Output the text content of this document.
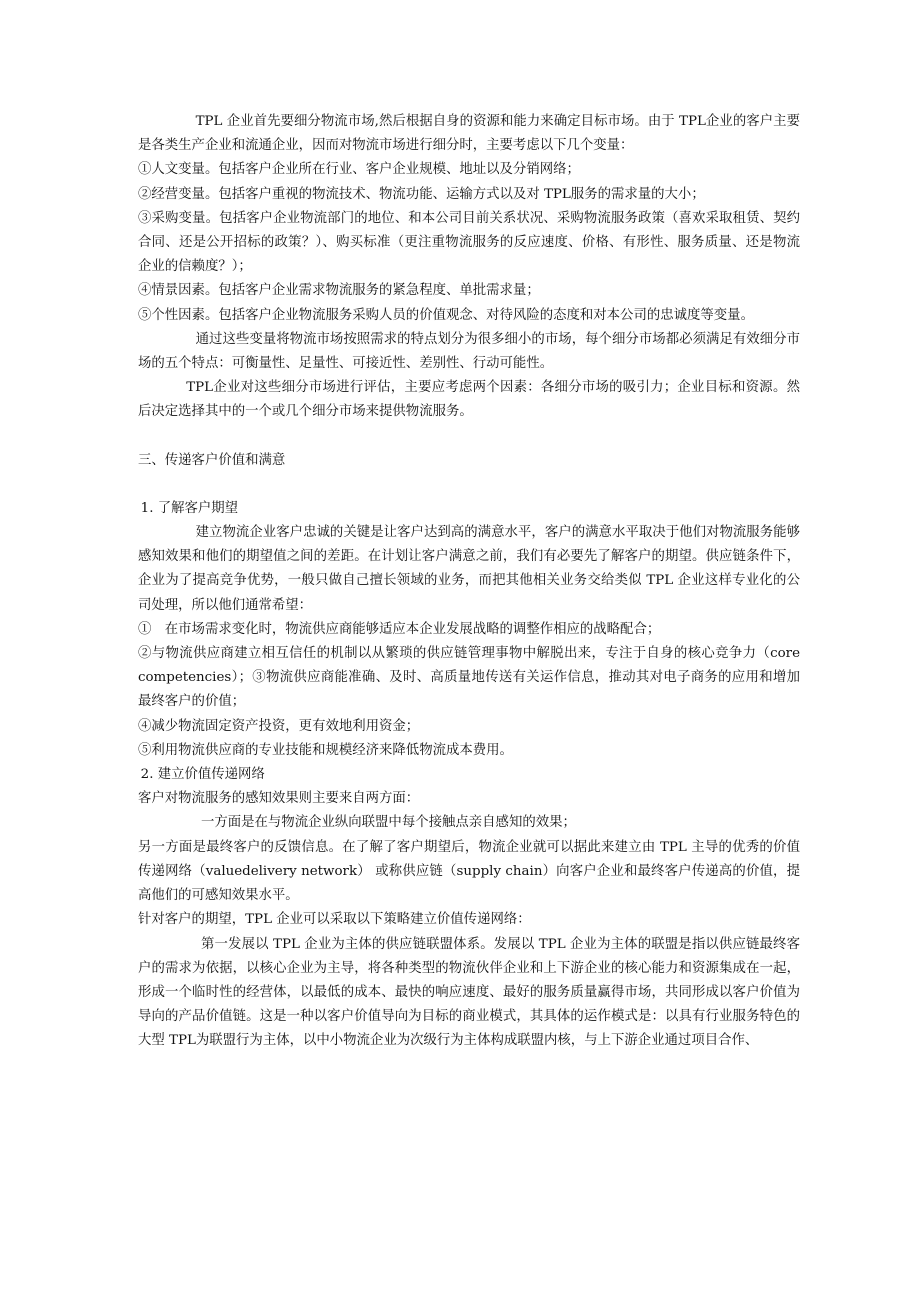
TPL 企业首先要细分物流市场,然后根据自身的资源和能力来确定目标市场。由于 TPL企业的客户主要是各类生产企业和流通企业，因而对物流市场进行细分时，主要考虑以下几个变量：

①人文变量。包括客户企业所在行业、客户企业规模、地址以及分销网络；

②经营变量。包括客户重视的物流技术、物流功能、运输方式以及对 TPL服务的需求量的大小；

③采购变量。包括客户企业物流部门的地位、和本公司目前关系状况、采购物流服务政策（喜欢采取租赁、契约合同、还是公开招标的政策？）、购买标准（更注重物流服务的反应速度、价格、有形性、服务质量、还是物流企业的信赖度？）；

④情景因素。包括客户企业需求物流服务的紧急程度、单批需求量；

⑤个性因素。包括客户企业物流服务采购人员的价值观念、对待风险的态度和对本公司的忠诚度等变量。

通过这些变量将物流市场按照需求的特点划分为很多细小的市场，每个细分市场都必须满足有效细分市场的五个特点：可衡量性、足量性、可接近性、差别性、行动可能性。

TPL企业对这些细分市场进行评估，主要应考虑两个因素：各细分市场的吸引力；企业目标和资源。然后决定选择其中的一个或几个细分市场来提供物流服务。

三、传递客户价值和满意

1. 了解客户期望

建立物流企业客户忠诚的关键是让客户达到高的满意水平，客户的满意水平取决于他们对物流服务能够感知效果和他们的期望值之间的差距。在计划让客户满意之前，我们有必要先了解客户的期望。供应链条件下，企业为了提高竞争优势，一般只做自己擅长领域的业务，而把其他相关业务交给类似 TPL 企业这样专业化的公司处理，所以他们通常希望：

①　在市场需求变化时，物流供应商能够适应本企业发展战略的调整作相应的战略配合；

②与物流供应商建立相互信任的机制以从繁琐的供应链管理事物中解脱出来，专注于自身的核心竞争力（core competencies）；③物流供应商能准确、及时、高质量地传送有关运作信息，推动其对电子商务的应用和增加最终客户的价值；

④减少物流固定资产投资，更有效地利用资金；

⑤利用物流供应商的专业技能和规模经济来降低物流成本费用。

2. 建立价值传递网络

客户对物流服务的感知效果则主要来自两方面：

一方面是在与物流企业纵向联盟中每个接触点亲自感知的效果；

另一方面是最终客户的反馈信息。在了解了客户期望后，物流企业就可以据此来建立由 TPL 主导的优秀的价值传递网络（valuedelivery network） 或称供应链（supply chain）向客户企业和最终客户传递高的价值，提高他们的可感知效果水平。

针对客户的期望，TPL 企业可以采取以下策略建立价值传递网络：

第一发展以 TPL 企业为主体的供应链联盟体系。发展以 TPL 企业为主体的联盟是指以供应链最终客户的需求为依据，以核心企业为主导，将各种类型的物流伙伴企业和上下游企业的核心能力和资源集成在一起，形成一个临时性的经营体，以最低的成本、最快的响应速度、最好的服务质量赢得市场，共同形成以客户价值为导向的产品价值链。这是一种以客户价值导向为目标的商业模式，其具体的运作模式是：以具有行业服务特色的大型 TPL为联盟行为主体，以中小物流企业为次级行为主体构成联盟内核，与上下游企业通过项目合作、
